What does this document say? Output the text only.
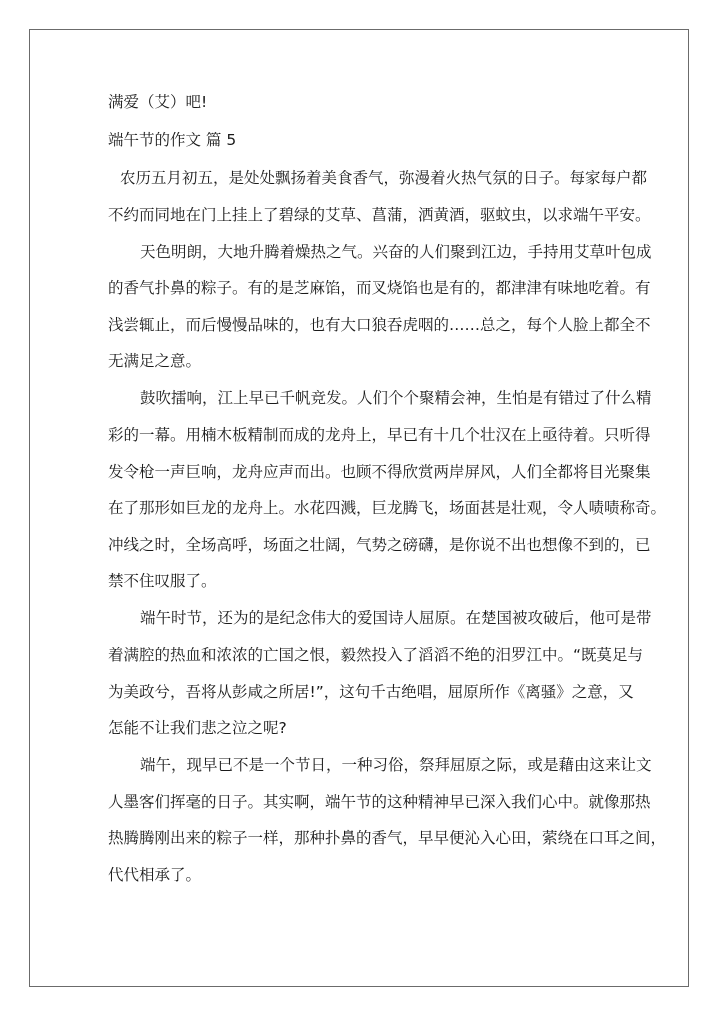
满爱（艾）吧!
端午节的作文 篇 5
农历五月初五，是处处飘扬着美食香气，弥漫着火热气氛的日子。每家每户都
不约而同地在门上挂上了碧绿的艾草、菖蒲，洒黄酒，驱蚊虫，以求端午平安。
天色明朗，大地升腾着燥热之气。兴奋的人们聚到江边，手持用艾草叶包成
的香气扑鼻的粽子。有的是芝麻馅，而叉烧馅也是有的，都津津有味地吃着。有
浅尝辄止，而后慢慢品味的，也有大口狼吞虎咽的……总之，每个人脸上都全不
无满足之意。
鼓吹擂响，江上早已千帆竞发。人们个个聚精会神，生怕是有错过了什么精
彩的一幕。用楠木板精制而成的龙舟上，早已有十几个壮汉在上亟待着。只听得
发令枪一声巨响，龙舟应声而出。也顾不得欣赏两岸屏风，人们全都将目光聚集
在了那形如巨龙的龙舟上。水花四溅，巨龙腾飞，场面甚是壮观，令人啧啧称奇。
冲线之时，全场高呼，场面之壮阔，气势之磅礴，是你说不出也想像不到的，已
禁不住叹服了。
端午时节，还为的是纪念伟大的爱国诗人屈原。在楚国被攻破后，他可是带
着满腔的热血和浓浓的亡国之恨，毅然投入了滔滔不绝的汨罗江中。“既莫足与
为美政兮，吾将从彭咸之所居!”，这句千古绝唱，屈原所作《离骚》之意，又
怎能不让我们悲之泣之呢?
端午，现早已不是一个节日，一种习俗，祭拜屈原之际，或是藉由这来让文
人墨客们挥毫的日子。其实啊，端午节的这种精神早已深入我们心中。就像那热
热腾腾刚出来的粽子一样，那种扑鼻的香气，早早便沁入心田，萦绕在口耳之间，
代代相承了。
